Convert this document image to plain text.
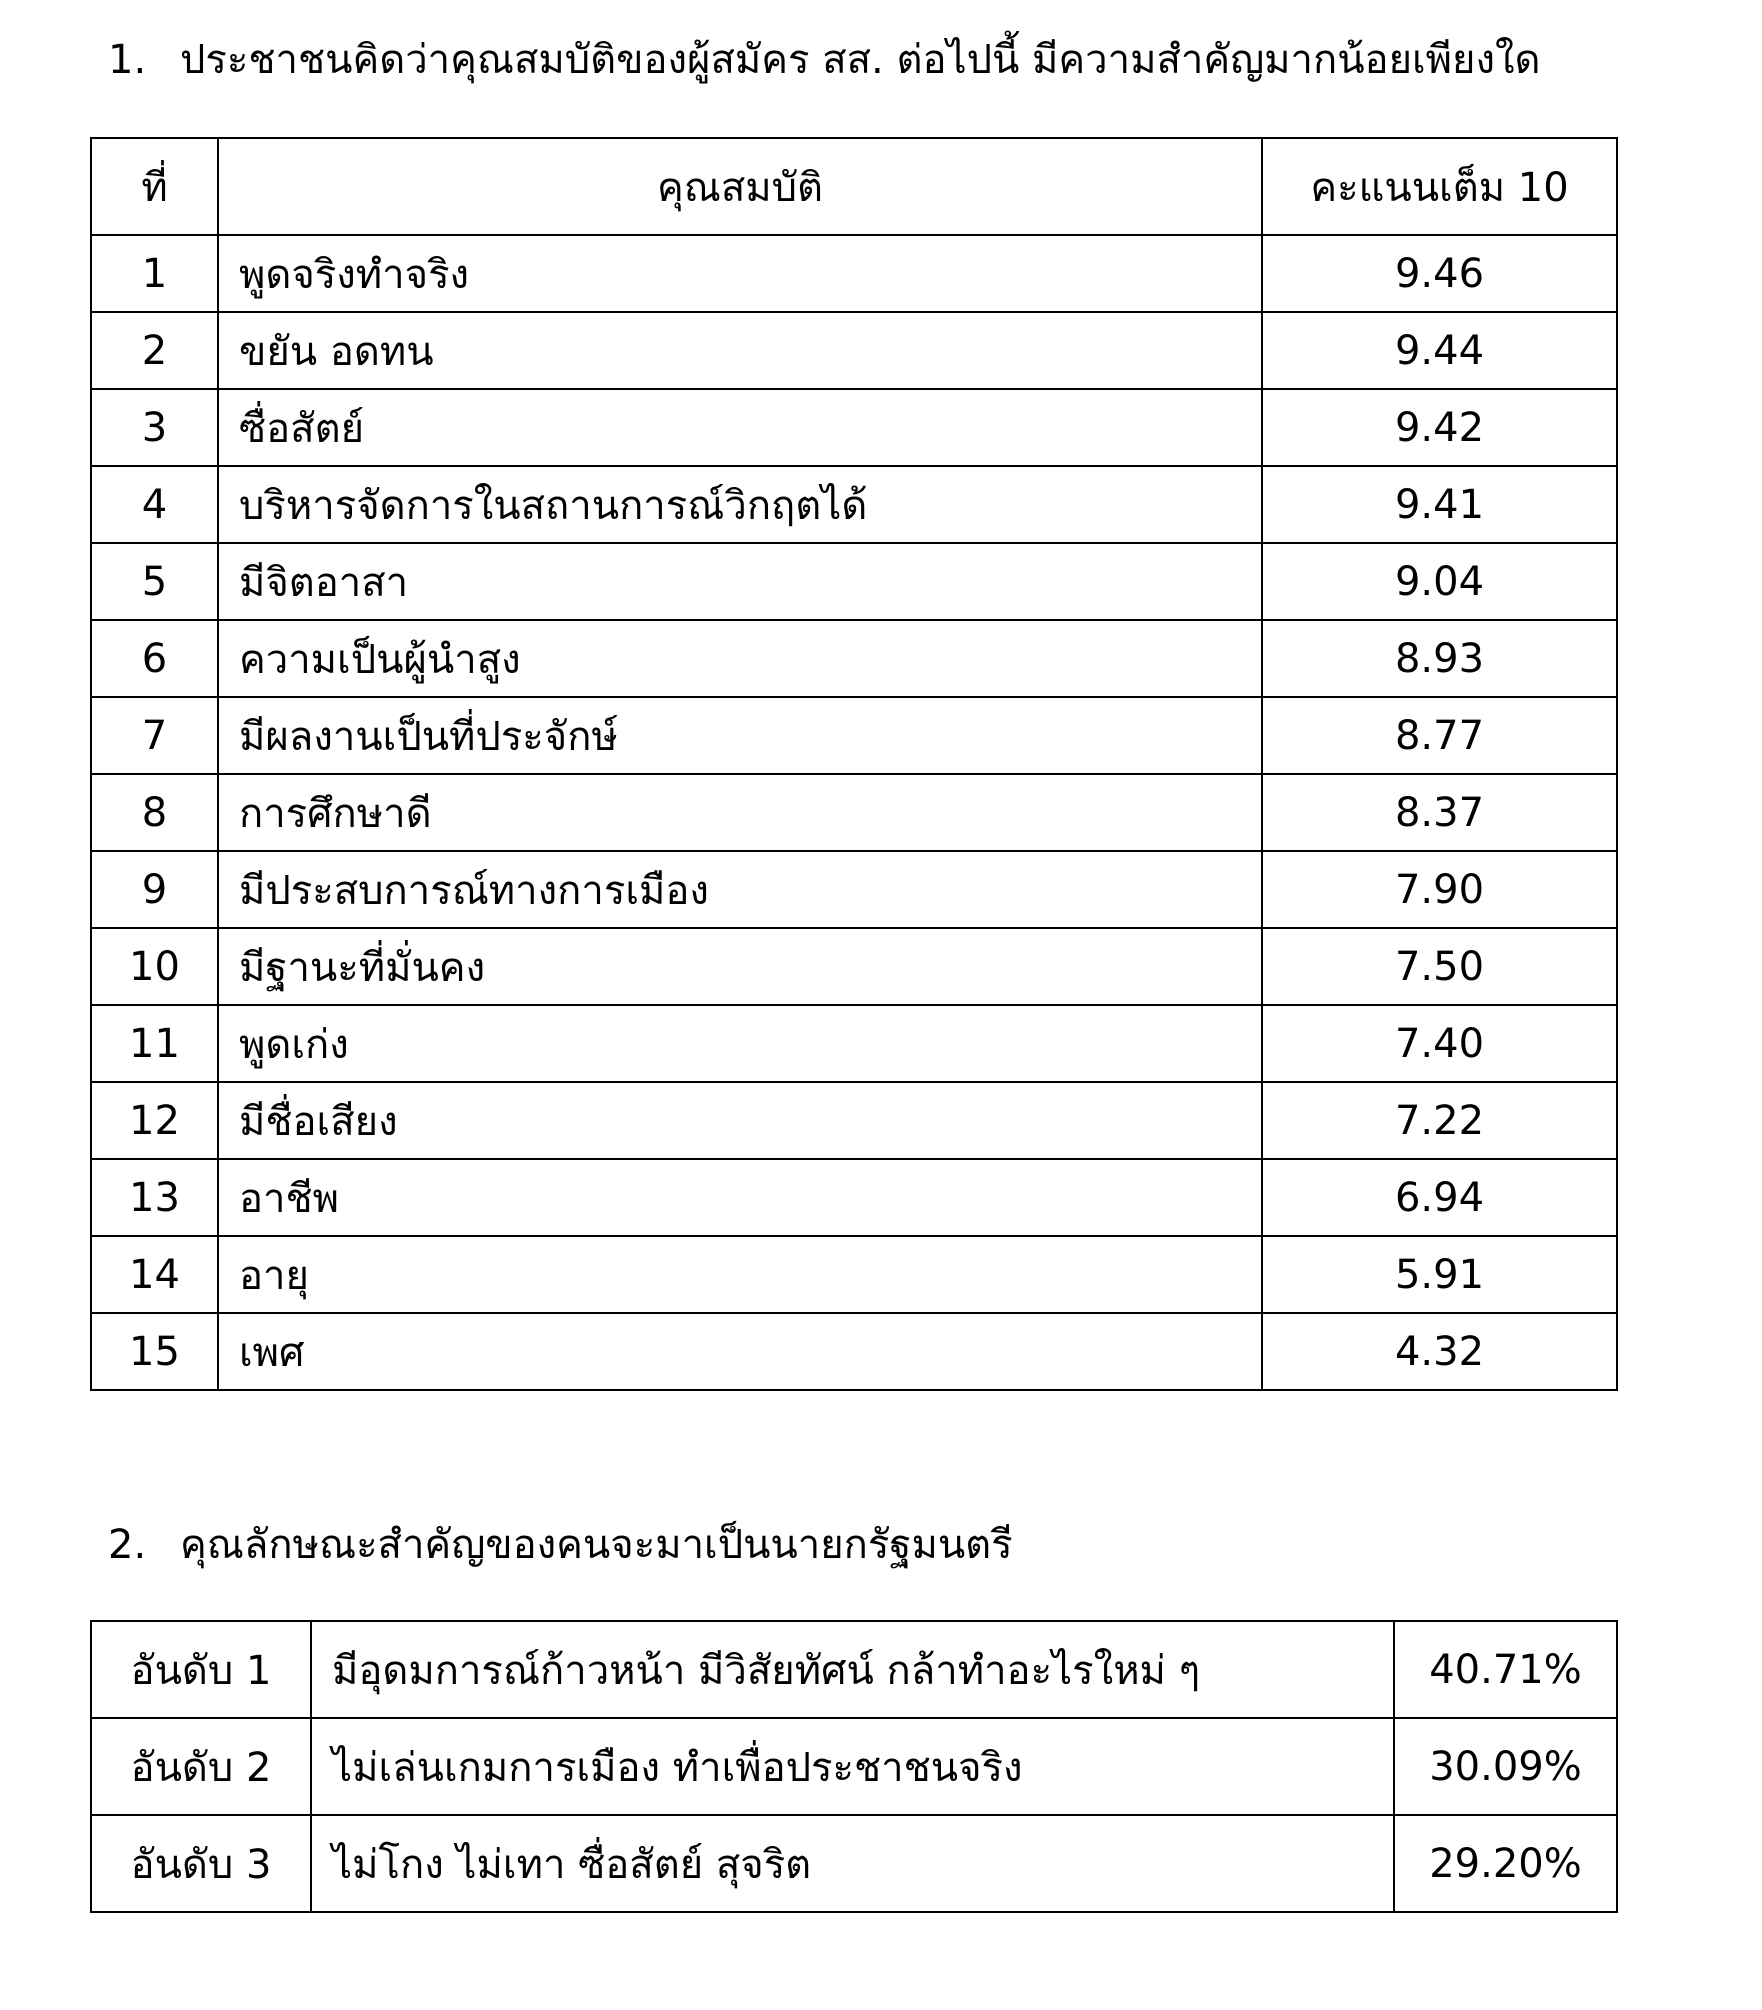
1. ประชาชนคิดว่าคุณสมบัติของผู้สมัคร สส. ต่อไปนี้ มีความสำคัญมากน้อยเพียงใด
ที่	คุณสมบัติ	คะแนนเต็ม 10
1	พูดจริงทำจริง	9.46
2	ขยัน อดทน	9.44
3	ซื่อสัตย์	9.42
4	บริหารจัดการในสถานการณ์วิกฤตได้	9.41
5	มีจิตอาสา	9.04
6	ความเป็นผู้นำสูง	8.93
7	มีผลงานเป็นที่ประจักษ์	8.77
8	การศึกษาดี	8.37
9	มีประสบการณ์ทางการเมือง	7.90
10	มีฐานะที่มั่นคง	7.50
11	พูดเก่ง	7.40
12	มีชื่อเสียง	7.22
13	อาชีพ	6.94
14	อายุ	5.91
15	เพศ	4.32
2. คุณลักษณะสำคัญของคนจะมาเป็นนายกรัฐมนตรี
อันดับ 1	มีอุดมการณ์ก้าวหน้า มีวิสัยทัศน์ กล้าทำอะไรใหม่ ๆ	40.71%
อันดับ 2	ไม่เล่นเกมการเมือง ทำเพื่อประชาชนจริง	30.09%
อันดับ 3	ไม่โกง ไม่เทา ซื่อสัตย์ สุจริต	29.20%
